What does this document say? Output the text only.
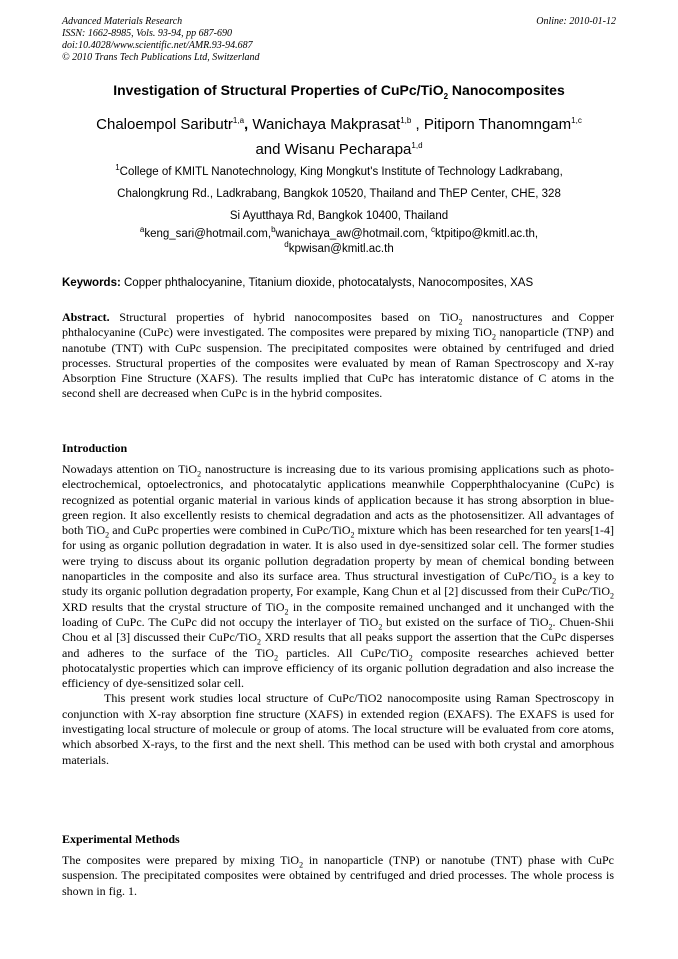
Advanced Materials Research
ISSN: 1662-8985, Vols. 93-94, pp 687-690
doi:10.4028/www.scientific.net/AMR.93-94.687
© 2010 Trans Tech Publications Ltd, Switzerland
Online: 2010-01-12
Investigation of Structural Properties of CuPc/TiO$_2$ Nanocomposites
Chaloempol Saributr$^{1,a}$, Wanichaya Makprasat$^{1,b}$ , Pitiporn Thanomngam$^{1,c}$
and Wisanu Pecharapa$^{1,d}$
$^1$College of KMITL Nanotechnology, King Mongkut's Institute of Technology Ladkrabang,
Chalongkrung Rd., Ladkrabang, Bangkok 10520, Thailand and ThEP Center, CHE, 328
Si Ayutthaya Rd, Bangkok 10400, Thailand
$^a$keng_sari@hotmail.com,$^b$wanichaya_aw@hotmail.com, $^c$ktpitipo@kmitl.ac.th,
$^d$kpwisan@kmitl.ac.th
Keywords: Copper phthalocyanine, Titanium dioxide, photocatalysts, Nanocomposites, XAS
Abstract. Structural properties of hybrid nanocomposites based on TiO$_2$ nanostructures and Copper phthalocyanine (CuPc) were investigated. The composites were prepared by mixing TiO$_2$ nanoparticle (TNP) and nanotube (TNT) with CuPc suspension. The precipitated composites were obtained by centrifuged and dried processes. Structural properties of the composites were evaluated by mean of Raman Spectroscopy and X-ray Absorption Fine Structure (XAFS). The results implied that CuPc has interatomic distance of C atoms in the second shell are decreased when CuPc is in the hybrid composites.
Introduction

Nowadays attention on TiO$_2$ nanostructure is increasing due to its various promising applications such as photo-electrochemical, optoelectronics, and photocatalytic applications meanwhile Copperphthalocyanine (CuPc) is recognized as potential organic material in various kinds of application because it has strong absorption in blue-green region. It also excellently resists to chemical degradation and acts as the photosensitizer. All advantages of both TiO$_2$ and CuPc properties were combined in CuPc/TiO$_2$ mixture which has been researched for ten years[1-4] for using as organic pollution degradation in water. It is also used in dye-sensitized solar cell. The former studies were trying to discuss about its organic pollution degradation property by mean of chemical bonding between nanoparticles in the composite and also its surface area. Thus structural investigation of CuPc/TiO$_2$ is a key to study its organic pollution degradation property, For example, Kang Chun et al [2] discussed from their CuPc/TiO$_2$ XRD results that the crystal structure of TiO$_2$ in the composite remained unchanged and it unchanged with the loading of CuPc. The CuPc did not occupy the interlayer of TiO$_2$ but existed on the surface of TiO$_2$. Chuen-Shii Chou et al [3] discussed their CuPc/TiO$_2$ XRD results that all peaks support the assertion that the CuPc disperses and adheres to the surface of the TiO$_2$ particles. All CuPc/TiO$_2$ composite researches achieved better photocatalystic properties which can improve efficiency of its organic pollution degradation and also increase the efficiency of dye-sensitized solar cell.

This present work studies local structure of CuPc/TiO2 nanocomposite using Raman Spectroscopy in conjunction with X-ray absorption fine structure (XAFS) in extended region (EXAFS). The EXAFS is used for investigating local structure of molecule or group of atoms. The local structure will be evaluated from core atoms, which absorbed X-rays, to the first and the next shell. This method can be used with both crystal and amorphous materials.

Experimental Methods

The composites were prepared by mixing TiO$_2$ in nanoparticle (TNP) or nanotube (TNT) phase with CuPc suspension. The precipitated composites were obtained by centrifuged and dried processes. The whole process is shown in fig. 1.
